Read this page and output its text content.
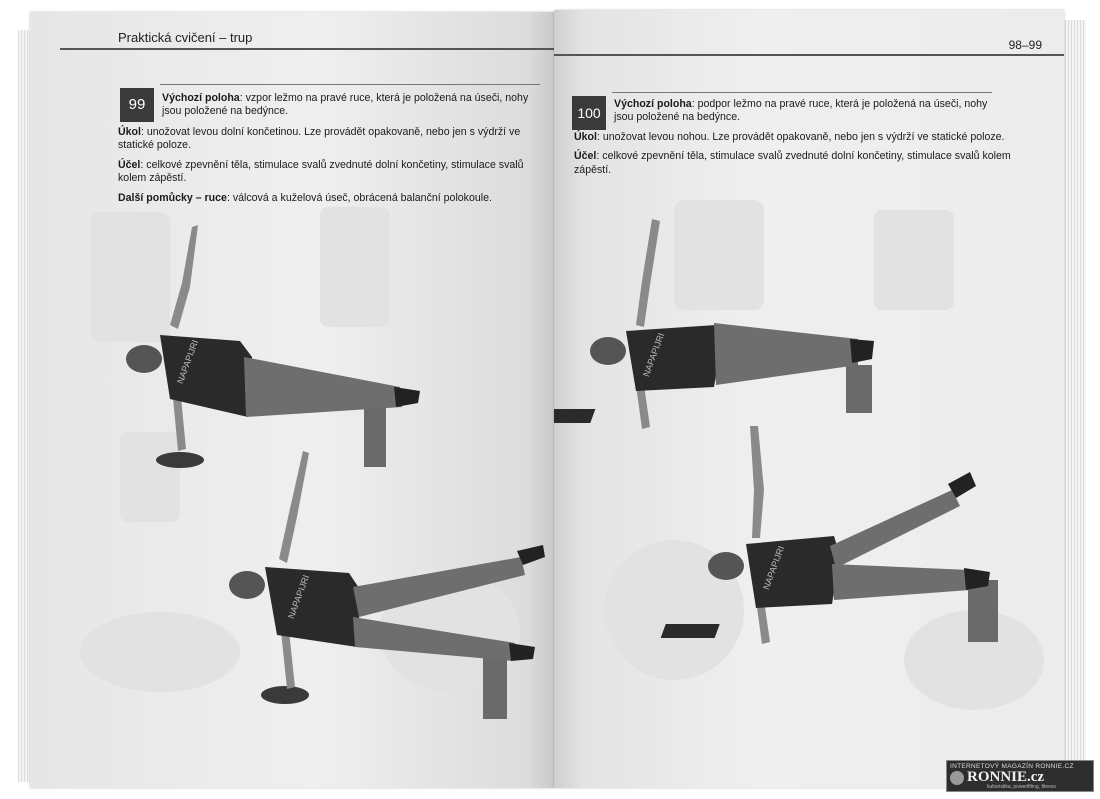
Praktická cvičení – trup
99	Výchozí poloha: vzpor ležmo na pravé ruce, která je položená na úseči, nohy jsou položené na bedýnce.

Úkol: unožovat levou dolní končetinou. Lze provádět opakovaně, nebo jen s výdrží ve statické poloze.

Účel: celkové zpevnění těla, stimulace svalů zvednuté dolní končetiny, stimulace svalů kolem zápěstí.

Další pomůcky – ruce: válcová a kuželová úseč, obrácená balanční polokoule.

NAPAPIJRI
NAPAPIJRI
98–99
100

Výchozí poloha: podpor ležmo na pravé ruce, která je položená na úseči, nohy jsou položené na bedýnce.

Úkol: unožovat levou nohou. Lze provádět opakovaně, nebo jen s výdrží ve statické poloze.

Účel: celkové zpevnění těla, stimulace svalů zvednuté dolní končetiny, stimulace svalů kolem zápěstí.

NAPAPIJRI
NAPAPIJRI
INTERNETOVÝ MAGAZÍN RONNIE.CZ
RONNIE.cz
kulturistika, powerlifting, fitness
